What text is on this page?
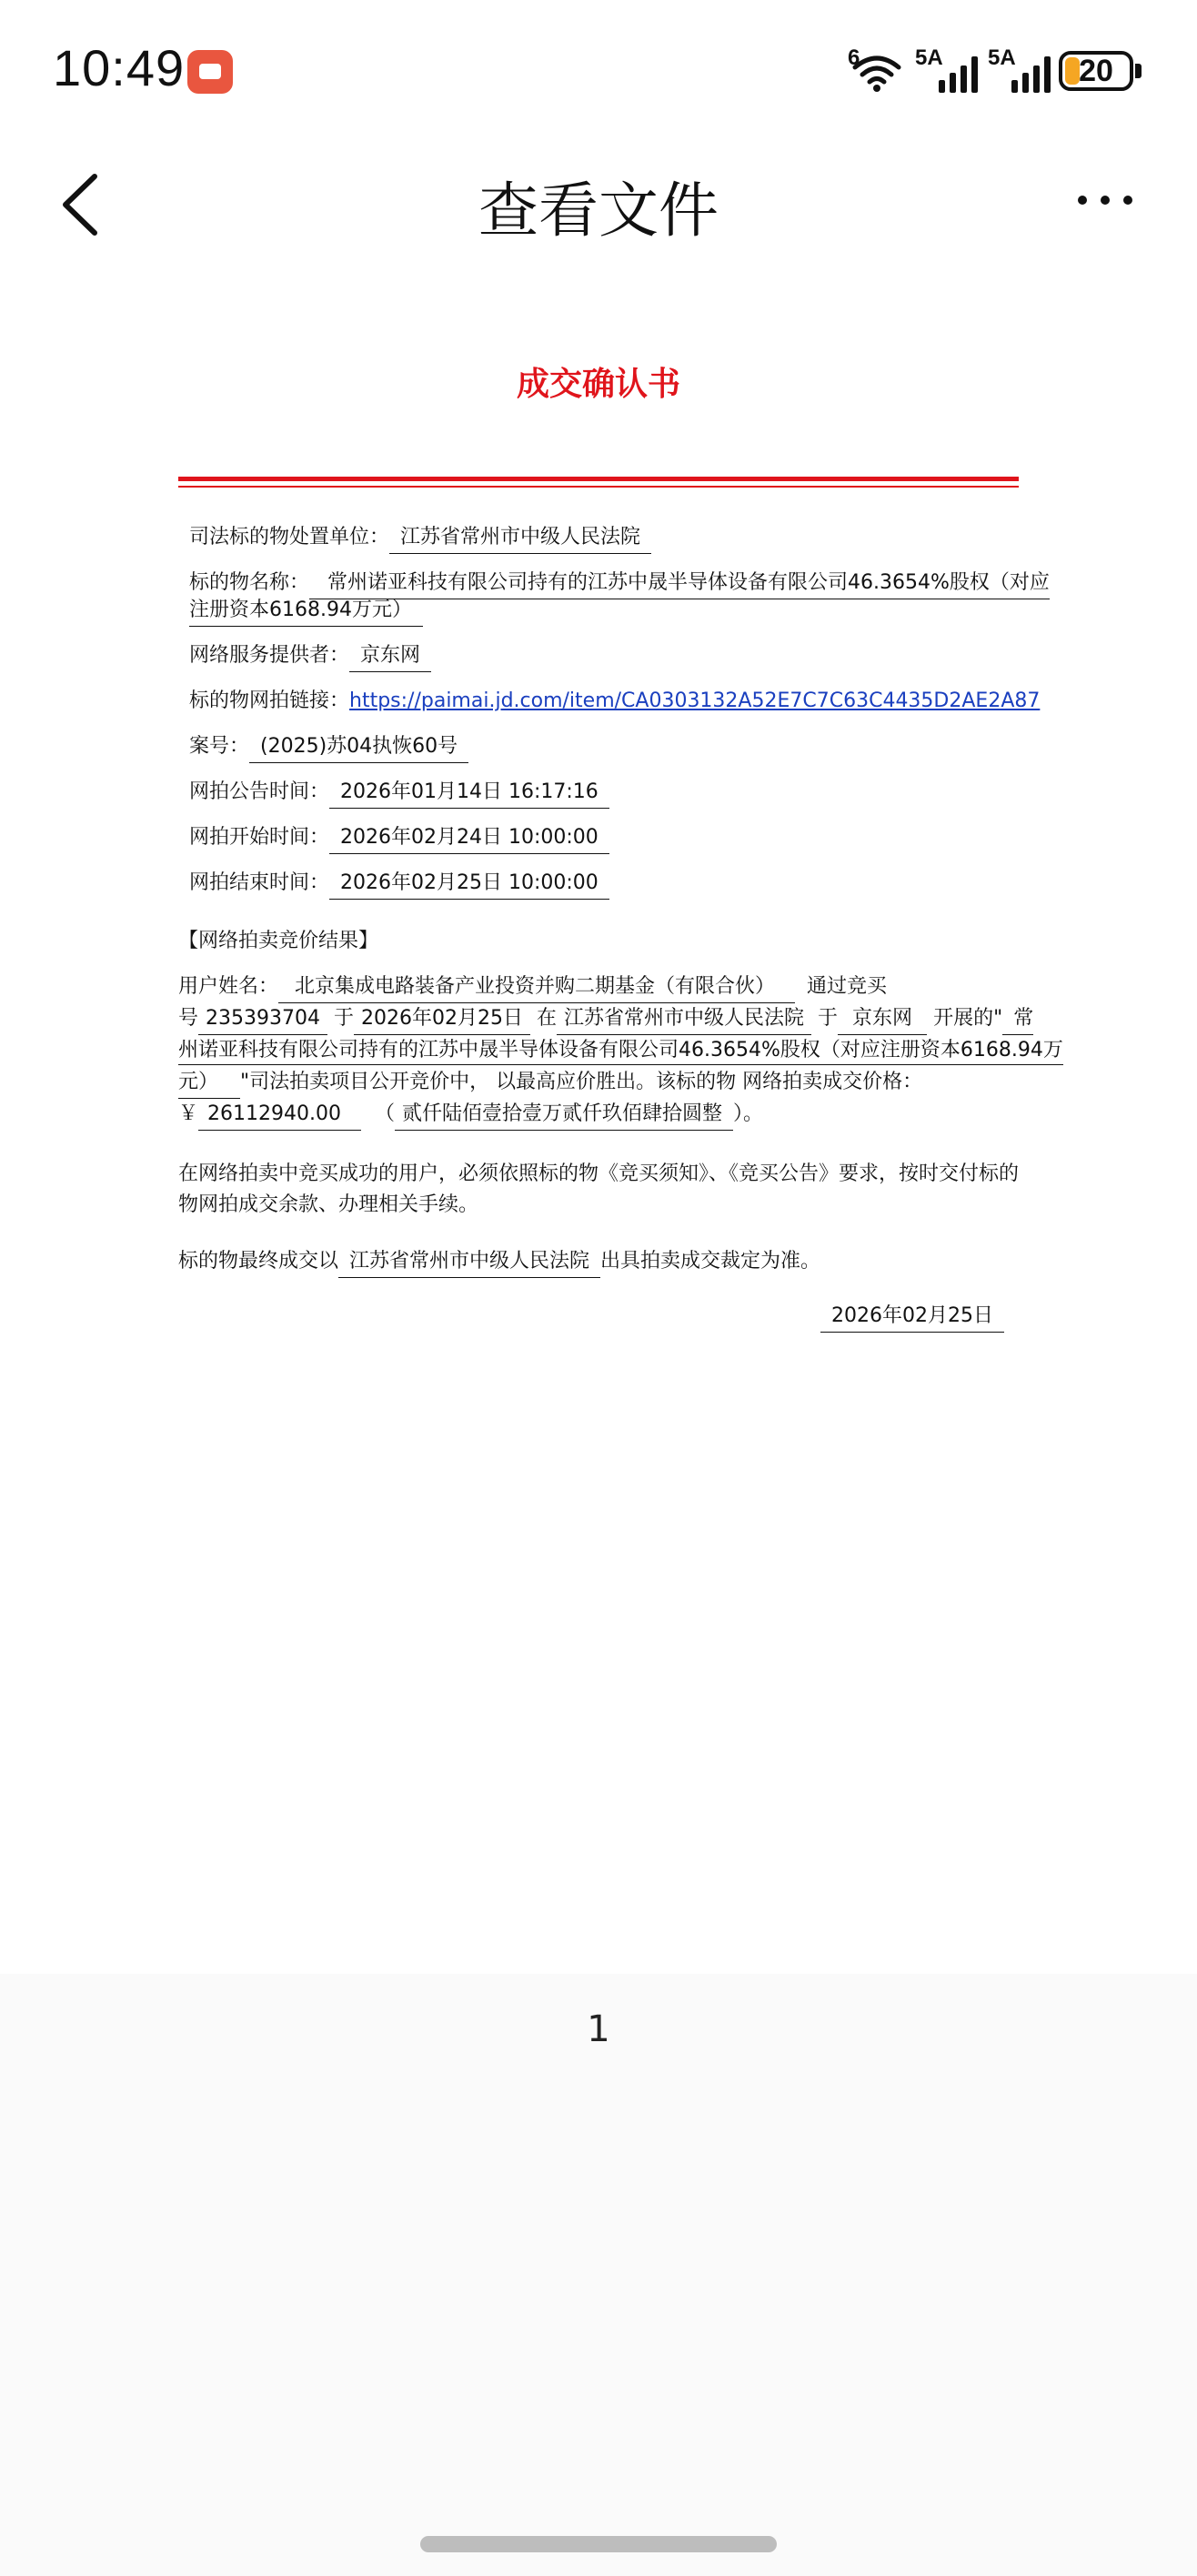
10:49	6	5A 5A	20
查看文件
成交确认书
司法标的物处置单位： 江苏省常州市中级人民法院
标的物名称： 常州诺亚科技有限公司持有的江苏中晟半导体设备有限公司46.3654%股权（对应
注册资本6168.94万元）
网络服务提供者： 京东网
标的物网拍链接：https://paimai.jd.com/item/CA0303132A52E7C7C63C4435D2AE2A87
案号： (2025)苏04执恢60号
网拍公告时间： 2026年01月14日 16:17:16
网拍开始时间： 2026年02月24日 10:00:00
网拍结束时间： 2026年02月25日 10:00:00
【网络拍卖竞价结果】
用户姓名： 北京集成电路装备产业投资并购二期基金（有限合伙） 通过竞买
号 235393704 于 2026年02月25日 在 江苏省常州市中级人民法院 于 京东网 开展的" 常
州诺亚科技有限公司持有的江苏中晟半导体设备有限公司46.3654%股权（对应注册资本6168.94万
元） "司法拍卖项目公开竞价中， 以最高应价胜出。该标的物 网络拍卖成交价格：
￥ 26112940.00 （ 贰仟陆佰壹拾壹万贰仟玖佰肆拾圆整 ）。
在网络拍卖中竞买成功的用户，必须依照标的物《竞买须知》、《竞买公告》要求，按时交付标的
物网拍成交余款、办理相关手续。
标的物最终成交以 江苏省常州市中级人民法院 出具拍卖成交裁定为准。
2026年02月25日
1
